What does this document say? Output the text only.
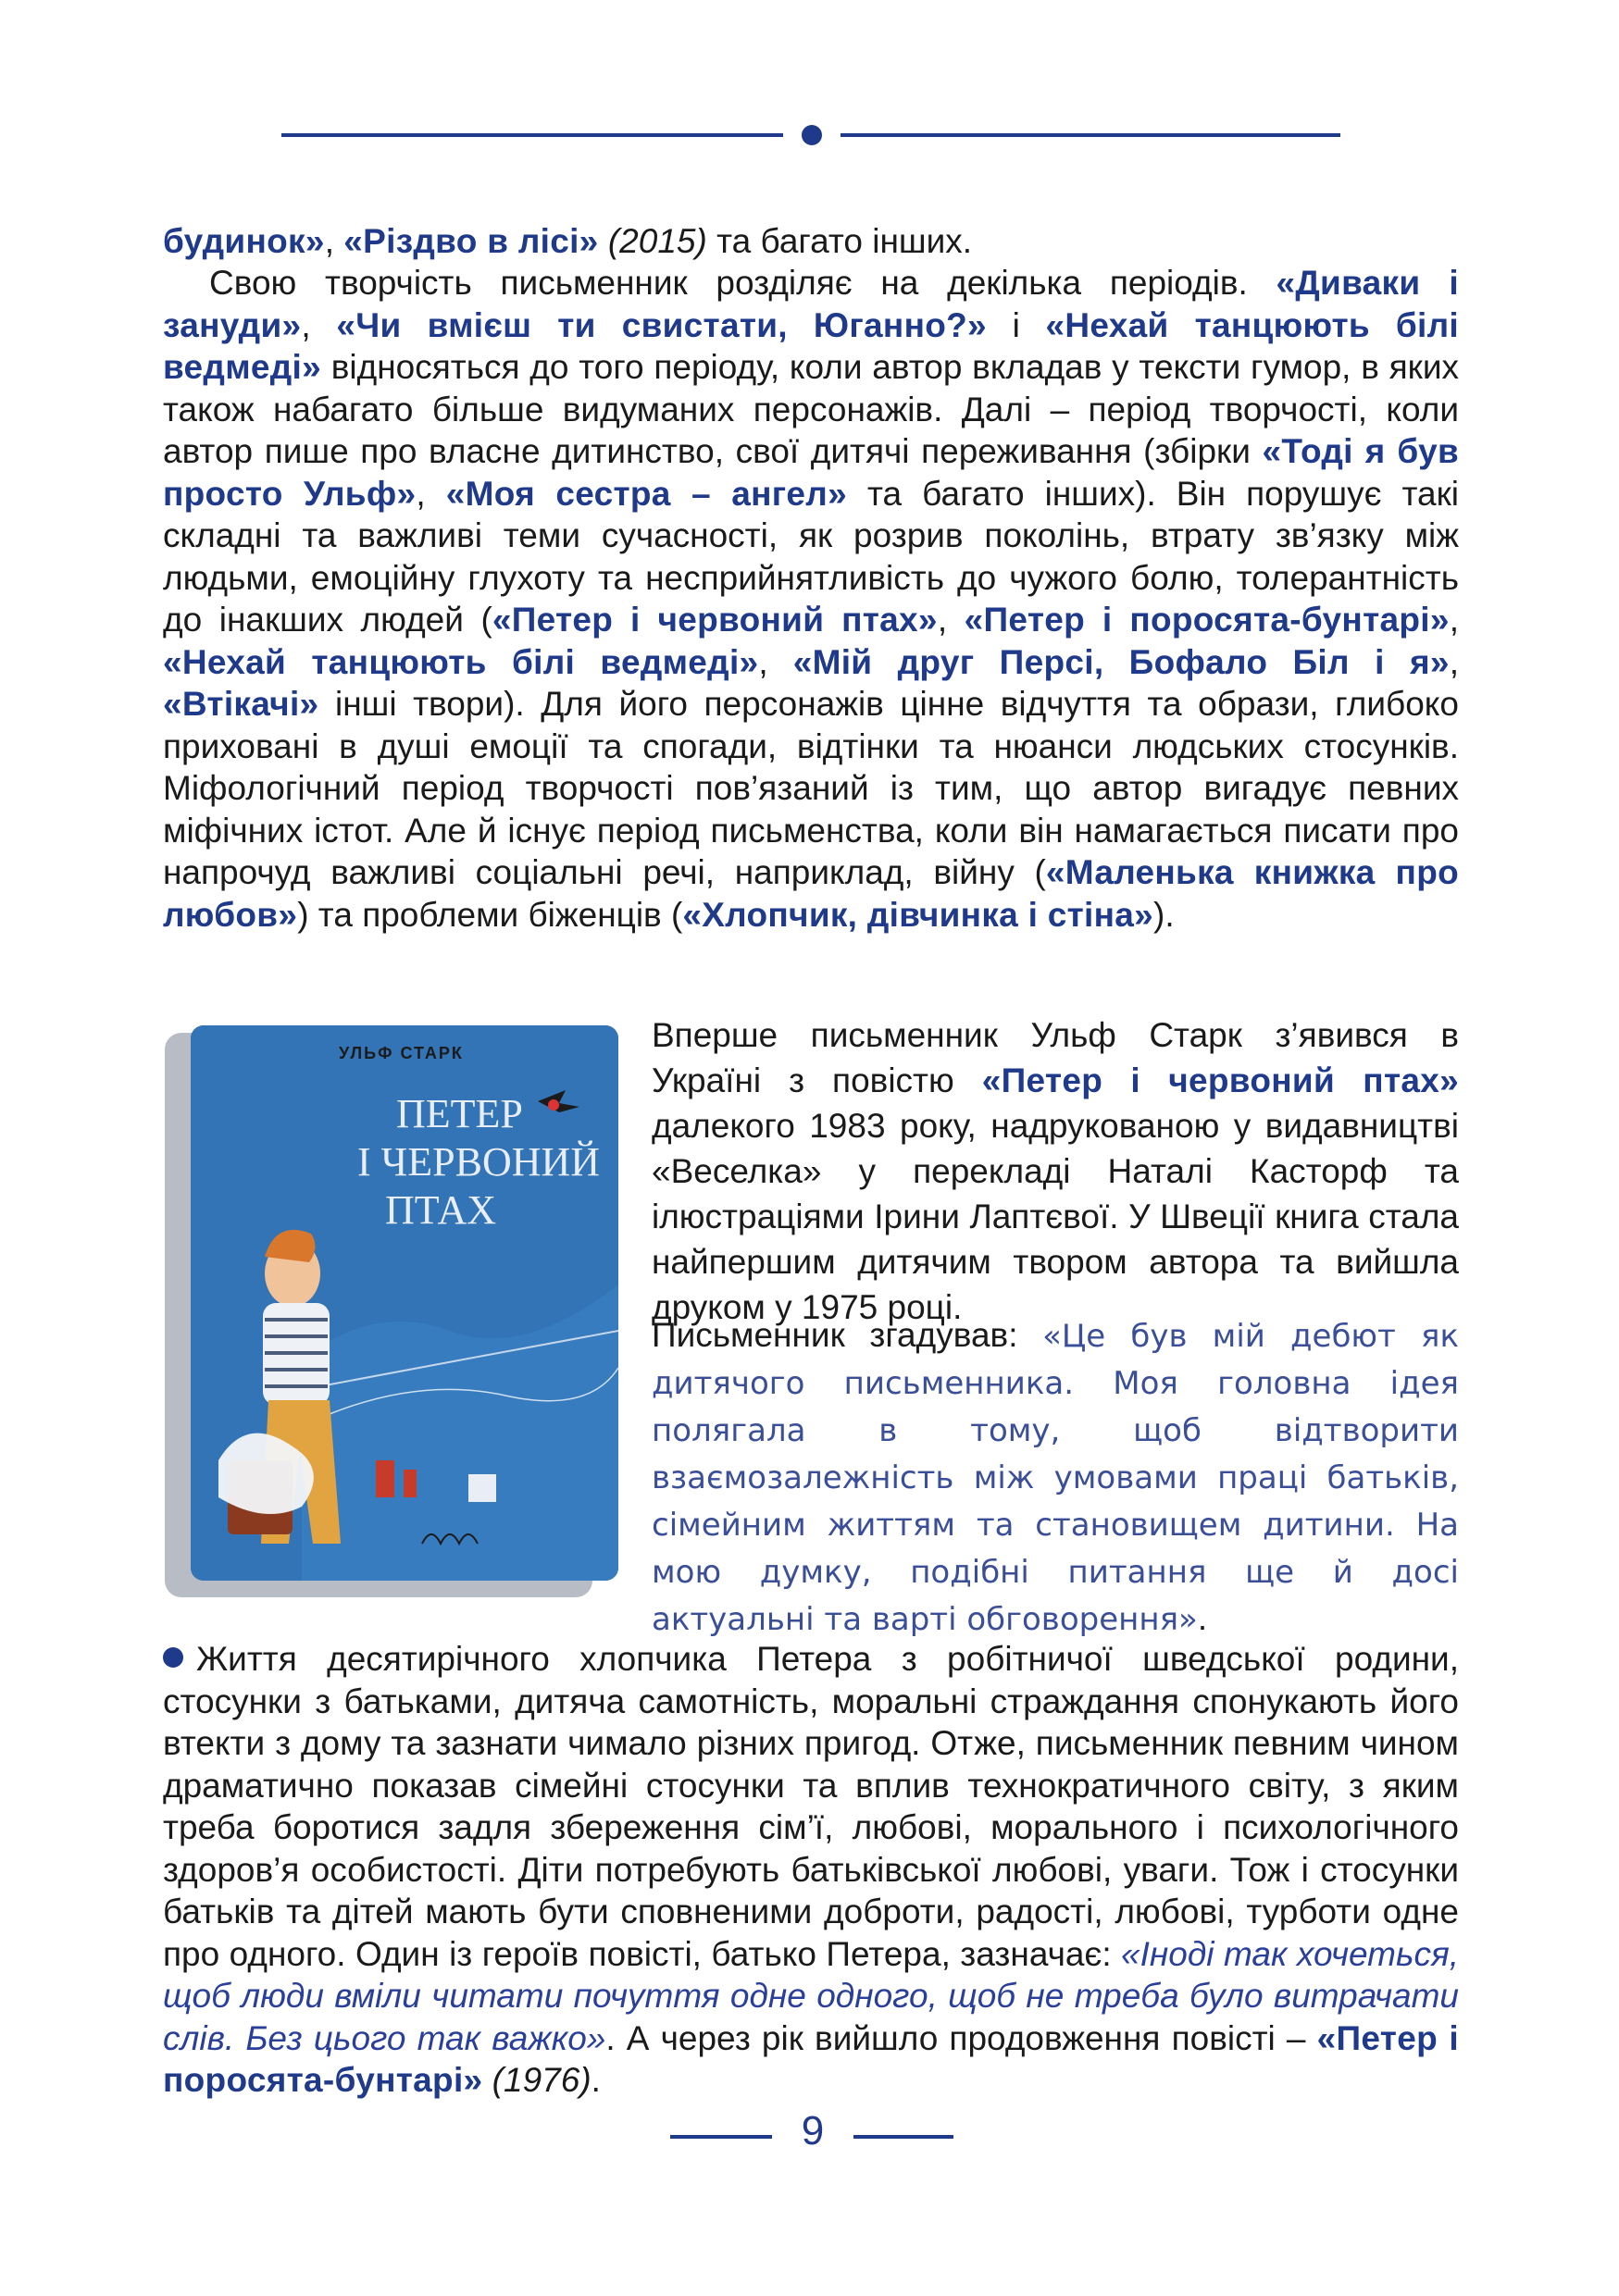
будинок», «Різдво в лісі» (2015) та багато інших.
Свою творчість письменник розділяє на декілька періодів. «Диваки і зануди», «Чи вмієш ти свистати, Юганно?» і «Нехай танцюють білі ведмеді» відносяться до того періоду, коли автор вкладав у тексти гумор, в яких також набагато більше видуманих персонажів. Далі – період творчості, коли автор пише про власне дитинство, свої дитячі переживання (збірки «Тоді я був просто Ульф», «Моя сестра – ангел» та багато інших). Він порушує такі складні та важливі теми сучасності, як розрив поколінь, втрату зв’язку між людьми, емоційну глухоту та несприйнятливість до чужого болю, толерантність до інакших людей («Петер і червоний птах», «Петер і поросята-бунтарі», «Нехай танцюють білі ведмеді», «Мій друг Персі, Бофало Біл і я», «Втікачі» інші твори). Для його персонажів цінне відчуття та образи, глибоко приховані в душі емоції та спогади, відтінки та нюанси людських стосунків. Міфологічний період творчості пов’язаний із тим, що автор вигадує певних міфічних істот. Але й існує період письменства, коли він намагається писати про напрочуд важливі соціальні речі, наприклад, війну («Маленька книжка про любов») та проблеми біженців («Хлопчик, дівчинка і стіна»).
УЛЬФ СТАРК
ПЕТЕР
І ЧЕРВОНИЙ
ПТАХ
Вперше письменник Ульф Старк з’явився в Україні з повістю «Петер і червоний птах» далекого 1983 року, надрукованою у видавництві «Веселка» у перекладі Наталі Касторф та ілюстраціями Ірини Лаптєвої. У Швеції книга стала найпершим дитячим твором автора та вийшла друком у 1975 році.
Письменник згадував: «Це був мій дебют як дитячого письменника. Моя головна ідея полягала в тому, щоб відтворити взаємозалежність між умовами праці батьків, сімейним життям та становищем дитини. На мою думку, подібні питання ще й досі актуальні та варті обговорення».
Життя десятирічного хлопчика Петера з робітничої шведської родини, стосунки з батьками, дитяча самотність, моральні страждання спонукають його втекти з дому та зазнати чимало різних пригод. Отже, письменник певним чином драматично показав сімейні стосунки та вплив технократичного світу, з яким треба боротися задля збереження сім’ї, любові, морального і психологічного здоров’я особистості. Діти потребують батьківської любові, уваги. Тож і стосунки батьків та дітей мають бути сповненими доброти, радості, любові, турботи одне про одного. Один із героїв повісті, батько Петера, зазначає: «Іноді так хочеться, щоб люди вміли читати почуття одне одного, щоб не треба було витрачати слів. Без цього так важко». А через рік вийшло продовження повісті – «Петер і поросята-бунтарі» (1976).
9
